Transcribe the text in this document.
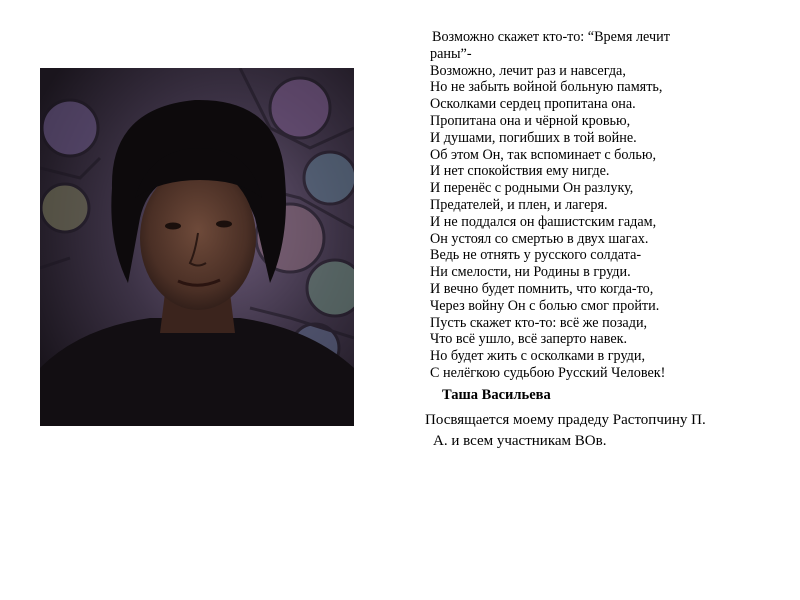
Возможно скажет кто-то: “Время лечит
раны”-
Возможно, лечит раз и навсегда,
Но не забыть войной больную память,
Осколками сердец пропитана она.
Пропитана она и чёрной кровью,
И душами, погибших в той войне.
Об этом Он, так вспоминает с болью,
И нет спокойствия ему нигде.
И перенёс с родными Он разлуку,
Предателей, и плен, и лагеря.
И не поддался он фашистским гадам,
Он устоял со смертью в двух шагах.
Ведь не отнять у русского солдата-
Ни смелости, ни Родины в груди.
И вечно будет помнить, что когда-то,
Через войну Он с болью смог пройти.
Пусть скажет кто-то: всё же позади,
Что всё ушло, всё заперто навек.
Но будет жить с осколками в груди,
С нелёгкою судьбою Русский Человек!
Таша Васильева
Посвящается моему прадеду Растопчину П.
А. и всем участникам ВОв.
